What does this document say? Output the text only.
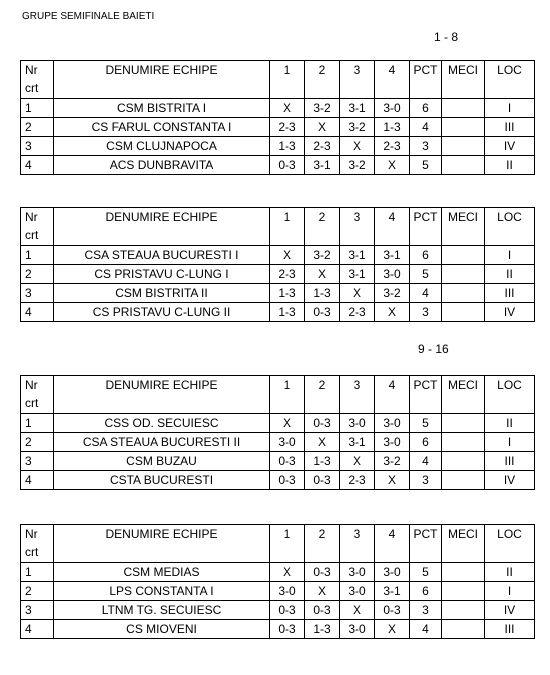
GRUPE SEMIFINALE BAIETI
1 - 8
9 - 16
Nr
crt	DENUMIRE ECHIPE	1	2	3	4	PCT	MECI	LOC
1	CSM BISTRITA I	X	3-2	3-1	3-0	6		I
2	CS FARUL CONSTANTA I	2-3	X	3-2	1-3	4		III
3	CSM CLUJNAPOCA	1-3	2-3	X	2-3	3		IV
4	ACS DUNBRAVITA	0-3	3-1	3-2	X	5		II
Nr
crt	DENUMIRE ECHIPE	1	2	3	4	PCT	MECI	LOC
1	CSA STEAUA BUCURESTI I	X	3-2	3-1	3-1	6		I
2	CS PRISTAVU C-LUNG I	2-3	X	3-1	3-0	5		II
3	CSM BISTRITA II	1-3	1-3	X	3-2	4		III
4	CS PRISTAVU C-LUNG II	1-3	0-3	2-3	X	3		IV
Nr
crt	DENUMIRE ECHIPE	1	2	3	4	PCT	MECI	LOC
1	CSS OD. SECUIESC	X	0-3	3-0	3-0	5		II
2	CSA STEAUA BUCURESTI II	3-0	X	3-1	3-0	6		I
3	CSM BUZAU	0-3	1-3	X	3-2	4		III
4	CSTA BUCURESTI	0-3	0-3	2-3	X	3		IV
Nr
crt	DENUMIRE ECHIPE	1	2	3	4	PCT	MECI	LOC
1	CSM MEDIAS	X	0-3	3-0	3-0	5		II
2	LPS CONSTANTA I	3-0	X	3-0	3-1	6		I
3	LTNM TG. SECUIESC	0-3	0-3	X	0-3	3		IV
4	CS MIOVENI	0-3	1-3	3-0	X	4		III
